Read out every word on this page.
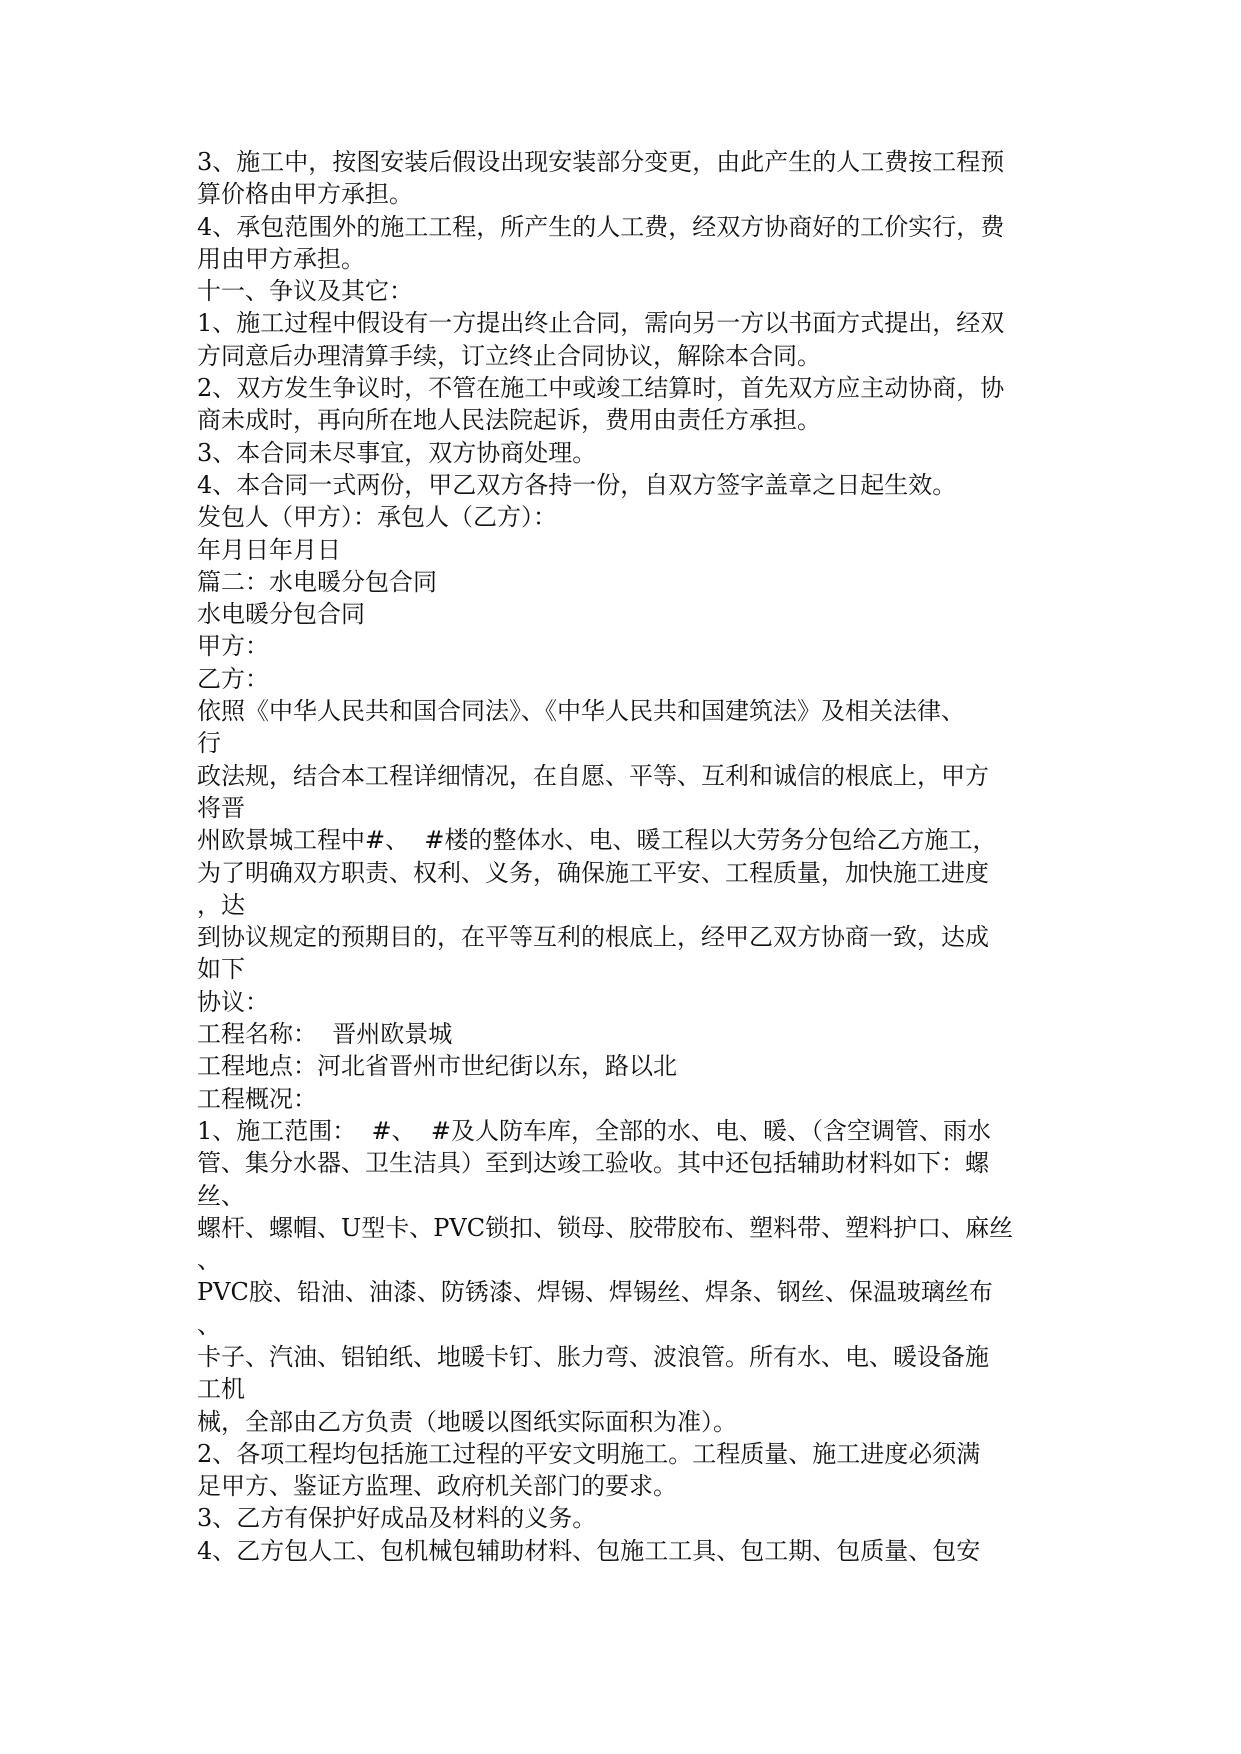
3、施工中，按图安装后假设出现安装部分变更，由此产生的人工费按工程预
算价格由甲方承担。
4、承包范围外的施工工程，所产生的人工费，经双方协商好的工价实行，费
用由甲方承担。
十一、争议及其它：
1、施工过程中假设有一方提出终止合同，需向另一方以书面方式提出，经双
方同意后办理清算手续，订立终止合同协议，解除本合同。
2、双方发生争议时，不管在施工中或竣工结算时，首先双方应主动协商，协
商未成时，再向所在地人民法院起诉，费用由责任方承担。
3、本合同未尽事宜，双方协商处理。
4、本合同一式两份，甲乙双方各持一份，自双方签字盖章之日起生效。
发包人（甲方）：承包人（乙方）：
年月日年月日
篇二：水电暖分包合同
水电暖分包合同
甲方：
乙方：
依照《中华人民共和国合同法》、《中华人民共和国建筑法》及相关法律、
行
政法规，结合本工程详细情况，在自愿、平等、互利和诚信的根底上，甲方
将晋
州欧景城工程中#、  #楼的整体水、电、暖工程以大劳务分包给乙方施工，
为了明确双方职责、权利、义务，确保施工平安、工程质量，加快施工进度
，达
到协议规定的预期目的，在平等互利的根底上，经甲乙双方协商一致，达成
如下
协议：
工程名称：  晋州欧景城
工程地点：河北省晋州市世纪街以东，路以北
工程概况：
1、施工范围：  #、  #及人防车库，全部的水、电、暖、（含空调管、雨水
管、集分水器、卫生洁具）至到达竣工验收。其中还包括辅助材料如下：螺
丝、
螺杆、螺帽、U型卡、PVC锁扣、锁母、胶带胶布、塑料带、塑料护口、麻丝
、
PVC胶、铅油、油漆、防锈漆、焊锡、焊锡丝、焊条、钢丝、保温玻璃丝布
、
卡子、汽油、铝铂纸、地暖卡钉、胀力弯、波浪管。所有水、电、暖设备施
工机
械，全部由乙方负责（地暖以图纸实际面积为准）。
2、各项工程均包括施工过程的平安文明施工。工程质量、施工进度必须满
足甲方、鉴证方监理、政府机关部门的要求。
3、乙方有保护好成品及材料的义务。
4、乙方包人工、包机械包辅助材料、包施工工具、包工期、包质量、包安
